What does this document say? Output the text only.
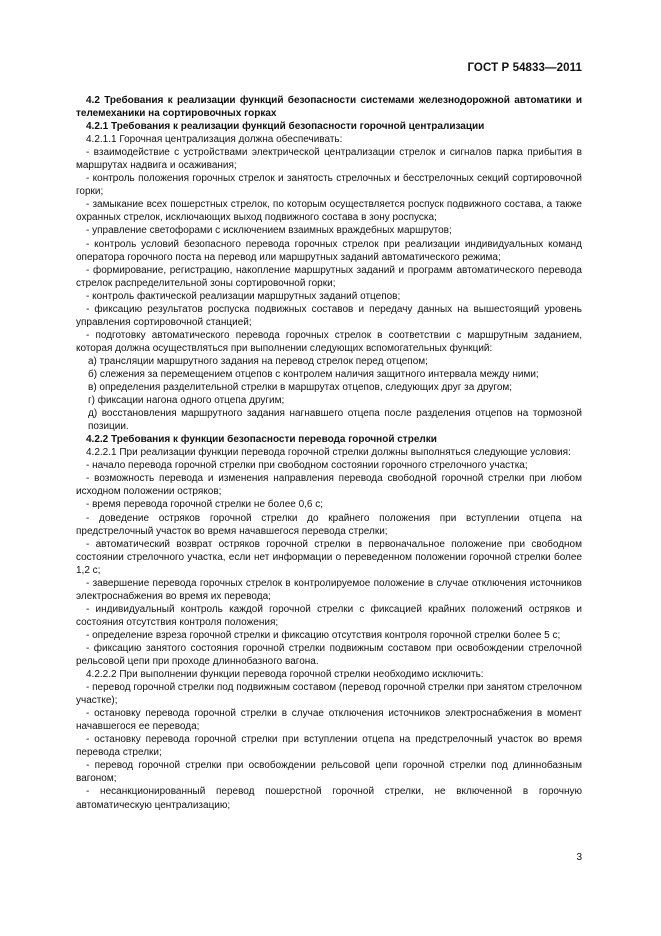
ГОСТ Р 54833—2011

4.2 Требования к реализации функций безопасности системами железнодорожной автоматики и телемеханики на сортировочных горках

4.2.1 Требования к реализации функций безопасности горочной централизации

4.2.1.1 Горочная централизация должна обеспечивать:

- взаимодействие с устройствами электрической централизации стрелок и сигналов парка прибытия в маршрутах надвига и осаживания;

- контроль положения горочных стрелок и занятость стрелочных и бесстрелочных секций сортировочной горки;

- замыкание всех пошерстных стрелок, по которым осуществляется роспуск подвижного состава, а также охранных стрелок, исключающих выход подвижного состава в зону роспуска;

- управление светофорами с исключением взаимных враждебных маршрутов;

- контроль условий безопасного перевода горочных стрелок при реализации индивидуальных команд оператора горочного поста на перевод или маршрутных заданий автоматического режима;

- формирование, регистрацию, накопление маршрутных заданий и программ автоматического перевода стрелок распределительной зоны сортировочной горки;

- контроль фактической реализации маршрутных заданий отцепов;

- фиксацию результатов роспуска подвижных составов и передачу данных на вышестоящий уровень управления сортировочной станцией;

- подготовку автоматического перевода горочных стрелок в соответствии с маршрутным заданием, которая должна осуществляться при выполнении следующих вспомогательных функций:

а) трансляции маршрутного задания на перевод стрелок перед отцепом;

б) слежения за перемещением отцепов с контролем наличия защитного интервала между ними;

в) определения разделительной стрелки в маршрутах отцепов, следующих друг за другом;

г) фиксации нагона одного отцепа другим;

д) восстановления маршрутного задания нагнавшего отцепа после разделения отцепов на тормозной позиции.

4.2.2 Требования к функции безопасности перевода горочной стрелки

4.2.2.1 При реализации функции перевода горочной стрелки должны выполняться следующие условия:

- начало перевода горочной стрелки при свободном состоянии горочного стрелочного участка;

- возможность перевода и изменения направления перевода свободной горочной стрелки при любом исходном положении остряков;

- время перевода горочной стрелки не более 0,6 с;

- доведение остряков горочной стрелки до крайнего положения при вступлении отцепа на предстрелочный участок во время начавшегося перевода стрелки;

- автоматический возврат остряков горочной стрелки в первоначальное положение при свободном состоянии стрелочного участка, если нет информации о переведенном положении горочной стрелки более 1,2 с;

- завершение перевода горочных стрелок в контролируемое положение в случае отключения источников электроснабжения во время их перевода;

- индивидуальный контроль каждой горочной стрелки с фиксацией крайних положений остряков и состояния отсутствия контроля положения;

- определение взреза горочной стрелки и фиксацию отсутствия контроля горочной стрелки более 5 с;

- фиксацию занятого состояния горочной стрелки подвижным составом при освобождении стрелочной рельсовой цепи при проходе длиннобазного вагона.

4.2.2.2 При выполнении функции перевода горочной стрелки необходимо исключить:

- перевод горочной стрелки под подвижным составом (перевод горочной стрелки при занятом стрелочном участке);

- остановку перевода горочной стрелки в случае отключения источников электроснабжения в момент начавшегося ее перевода;

- остановку перевода горочной стрелки при вступлении отцепа на предстрелочный участок во время перевода стрелки;

- перевод горочной стрелки при освобождении рельсовой цепи горочной стрелки под длиннобазным вагоном;

- несанкционированный перевод пошерстной горочной стрелки, не включенной в горочную автоматическую централизацию;

3
